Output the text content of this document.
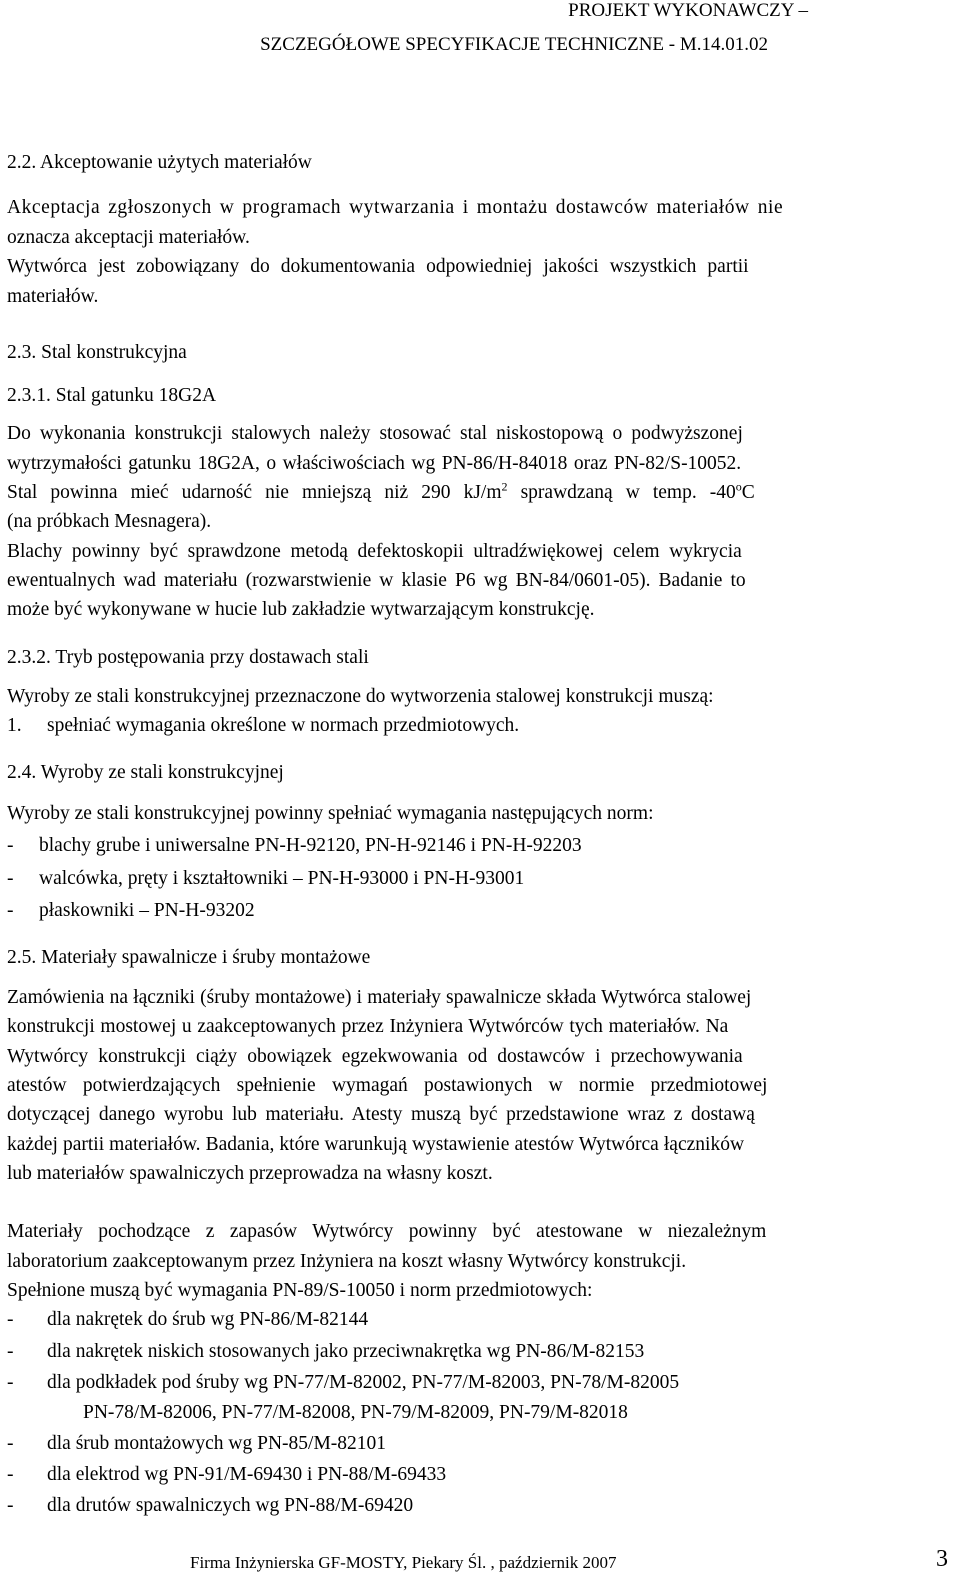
PROJEKT WYKONAWCZY –
SZCZEGÓŁOWE SPECYFIKACJE TECHNICZNE - M.14.01.02
2.2. Akceptowanie użytych materiałów
Akceptacja zgłoszonych w programach wytwarzania i montażu dostawców materiałów nie
oznacza akceptacji materiałów.
Wytwórca jest zobowiązany do dokumentowania odpowiedniej jakości wszystkich partii
materiałów.
2.3. Stal konstrukcyjna
2.3.1. Stal gatunku 18G2A
Do wykonania konstrukcji stalowych należy stosować stal niskostopową o podwyższonej
wytrzymałości gatunku 18G2A, o właściwościach wg PN-86/H-84018 oraz PN-82/S-10052.
Stal powinna mieć udarność nie mniejszą niż 290 $kJ/m^2$ sprawdzaną w temp. -40$^o$C
(na próbkach Mesnagera).
Blachy powinny być sprawdzone metodą defektoskopii ultradźwiękowej celem wykrycia
ewentualnych wad materiału (rozwarstwienie w klasie P6 wg BN-84/0601-05). Badanie to
może być wykonywane w hucie lub zakładzie wytwarzającym konstrukcję.
2.3.2. Tryb postępowania przy dostawach stali
Wyroby ze stali konstrukcyjnej przeznaczone do wytworzenia stalowej konstrukcji muszą:
1. spełniać wymagania określone w normach przedmiotowych.
2.4. Wyroby ze stali konstrukcyjnej
Wyroby ze stali konstrukcyjnej powinny spełniać wymagania następujących norm:
- blachy grube i uniwersalne PN-H-92120, PN-H-92146 i PN-H-92203
- walcówka, pręty i kształtowniki – PN-H-93000 i PN-H-93001
- płaskowniki – PN-H-93202
2.5. Materiały spawalnicze i śruby montażowe
Zamówienia na łączniki (śruby montażowe) i materiały spawalnicze składa Wytwórca stalowej
konstrukcji mostowej u zaakceptowanych przez Inżyniera Wytwórców tych materiałów. Na
Wytwórcy konstrukcji ciąży obowiązek egzekwowania od dostawców i przechowywania
atestów potwierdzających spełnienie wymagań postawionych w normie przedmiotowej
dotyczącej danego wyrobu lub materiału. Atesty muszą być przedstawione wraz z dostawą
każdej partii materiałów. Badania, które warunkują wystawienie atestów Wytwórca łączników
lub materiałów spawalniczych przeprowadza na własny koszt.
Materiały pochodzące z zapasów Wytwórcy powinny być atestowane w niezależnym
laboratorium zaakceptowanym przez Inżyniera na koszt własny Wytwórcy konstrukcji.
Spełnione muszą być wymagania PN-89/S-10050 i norm przedmiotowych:
- dla nakrętek do śrub wg PN-86/M-82144
- dla nakrętek niskich stosowanych jako przeciwnakrętka wg PN-86/M-82153
- dla podkładek pod śruby wg PN-77/M-82002, PN-77/M-82003, PN-78/M-82005
PN-78/M-82006, PN-77/M-82008, PN-79/M-82009, PN-79/M-82018
- dla śrub montażowych wg PN-85/M-82101
- dla elektrod wg PN-91/M-69430 i PN-88/M-69433
- dla drutów spawalniczych wg PN-88/M-69420
Firma Inżynierska GF-MOSTY, Piekary Śl. , październik 2007	3
